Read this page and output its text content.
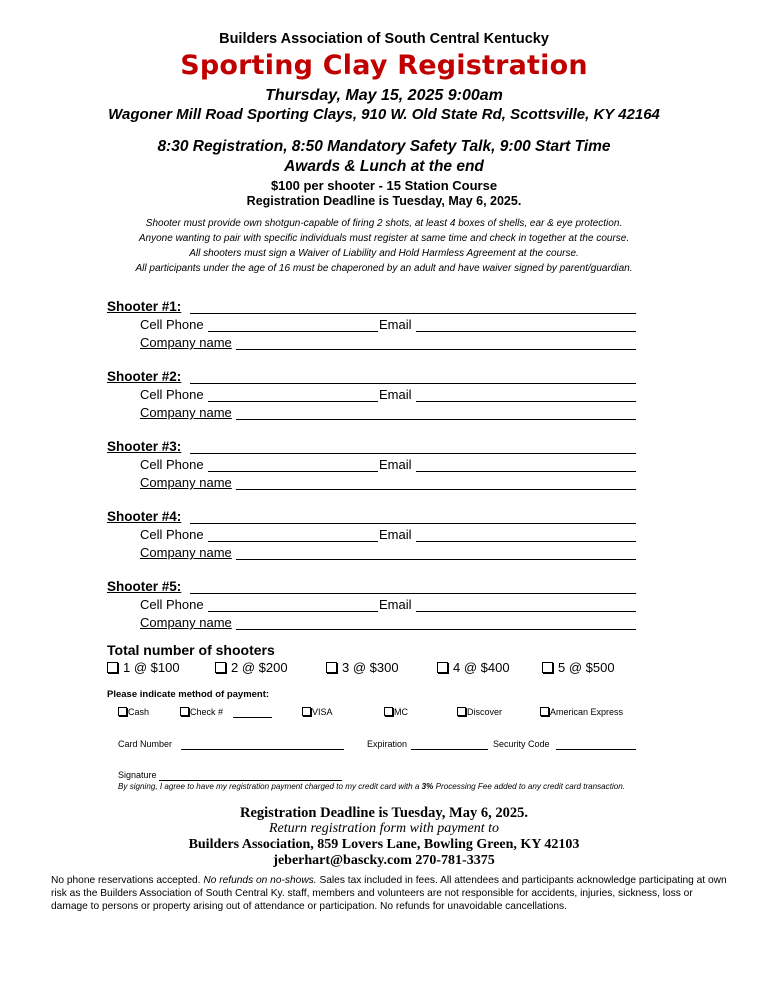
Builders Association of South Central Kentucky
Sporting Clay Registration
Thursday, May 15, 2025 9:00am
Wagoner Mill Road Sporting Clays, 910 W. Old State Rd, Scottsville, KY 42164
8:30 Registration, 8:50 Mandatory Safety Talk, 9:00 Start Time
Awards & Lunch at the end
$100 per shooter - 15 Station Course
Registration Deadline is Tuesday, May 6, 2025.
Shooter must provide own shotgun-capable of firing 2 shots, at least 4 boxes of shells, ear & eye protection.
Anyone wanting to pair with specific individuals must register at same time and check in together at the course.
All shooters must sign a Waiver of Liability and Hold Harmless Agreement at the course.
All participants under the age of 16 must be chaperoned by an adult and have waiver signed by parent/guardian.
Shooter #1:
Cell Phone	Email
Company name
Shooter #2:
Cell Phone	Email
Company name
Shooter #3:
Cell Phone	Email
Company name
Shooter #4:
Cell Phone	Email
Company name
Shooter #5:
Cell Phone	Email
Company name
Total number of shooters
1 @ $100	2 @ $200	3 @ $300	4 @ $400	5 @ $500
Please indicate method of payment:
Cash	Check #	VISA	MC	Discover	American Express
Card Number	Expiration	Security Code
Signature
By signing, I agree to have my registration payment charged to my credit card with a 3% Processing Fee added to any credit card transaction.
Registration Deadline is Tuesday, May 6, 2025.
Return registration form with payment to
Builders Association, 859 Lovers Lane, Bowling Green, KY 42103
jeberhart@bascky.com 270-781-3375
No phone reservations accepted. No refunds on no-shows. Sales tax included in fees. All attendees and participants acknowledge participating at own risk as the Builders Association of South Central Ky. staff, members and volunteers are not responsible for accidents, injuries, sickness, loss or damage to persons or property arising out of attendance or participation. No refunds for unavoidable cancellations.
